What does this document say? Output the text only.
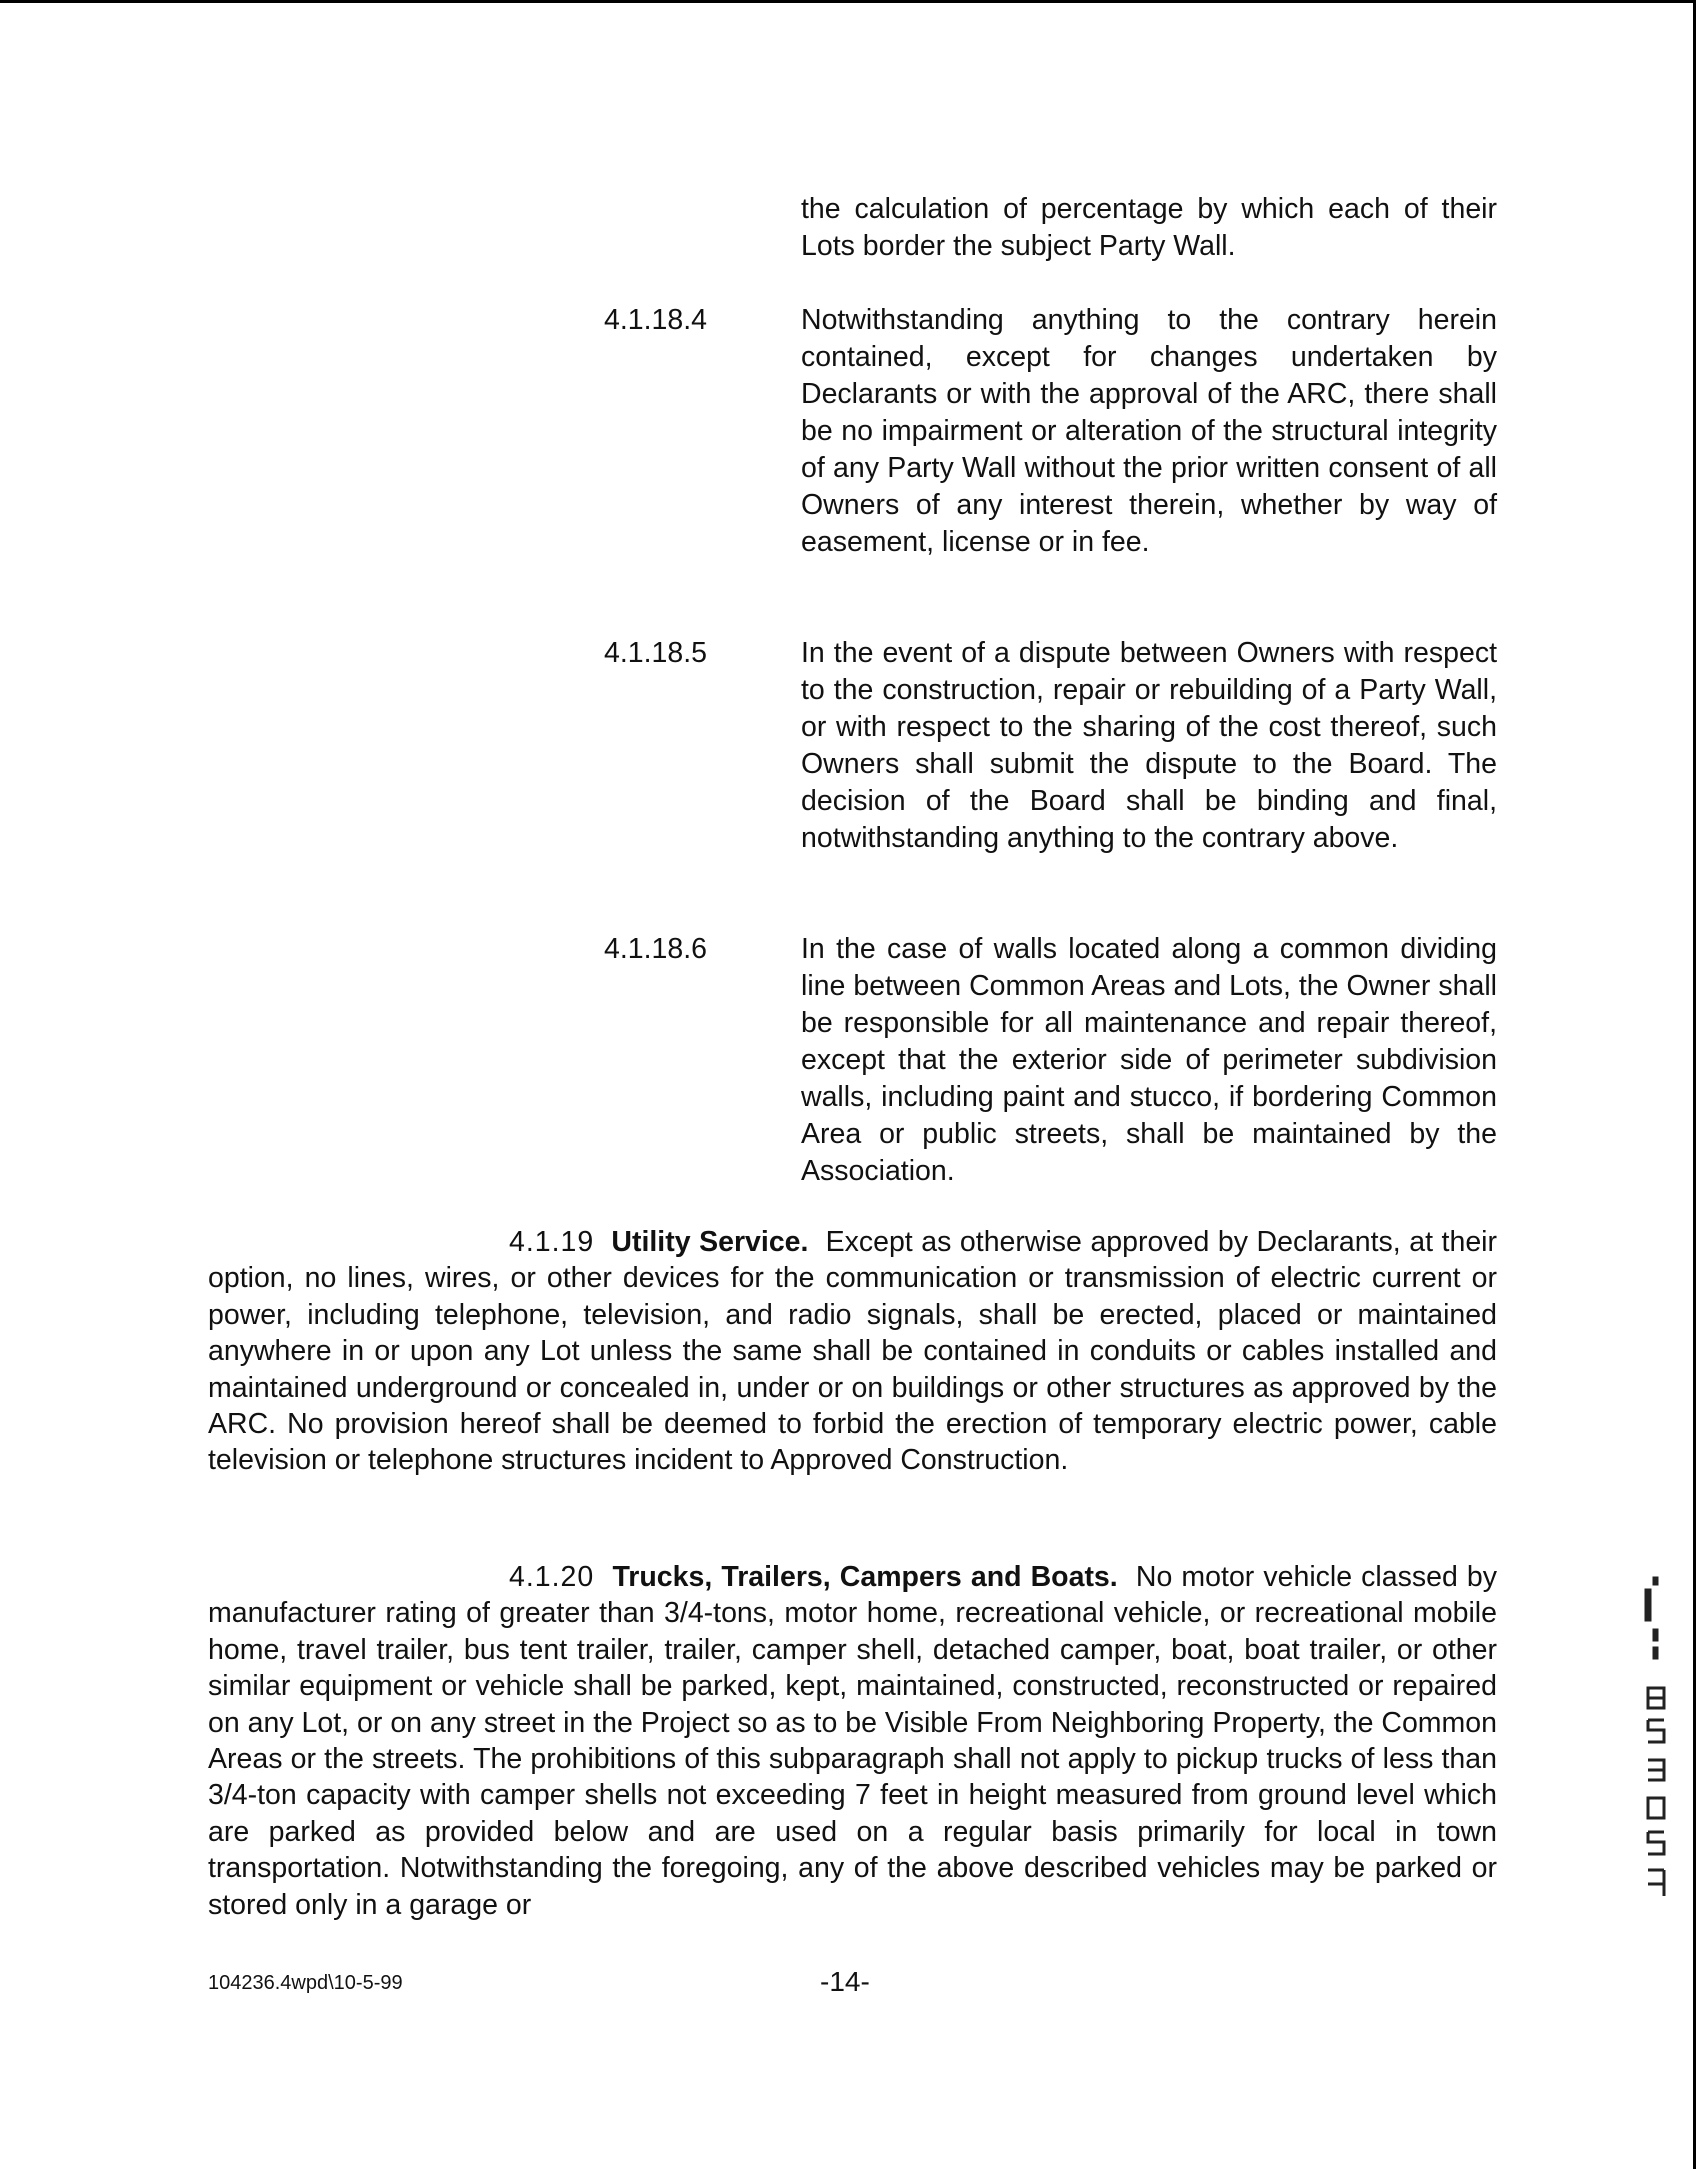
the calculation of percentage by which each of their Lots border the subject Party Wall.
4.1.18.4	Notwithstanding anything to the contrary herein contained, except for changes undertaken by Declarants or with the approval of the ARC, there shall be no impairment or alteration of the structural integrity of any Party Wall without the prior written consent of all Owners of any interest therein, whether by way of easement, license or in fee.
4.1.18.5	In the event of a dispute between Owners with respect to the construction, repair or rebuilding of a Party Wall, or with respect to the sharing of the cost thereof, such Owners shall submit the dispute to the Board. The decision of the Board shall be binding and final, notwithstanding anything to the contrary above.
4.1.18.6	In the case of walls located along a common dividing line between Common Areas and Lots, the Owner shall be responsible for all maintenance and repair thereof, except that the exterior side of perimeter subdivision walls, including paint and stucco, if bordering Common Area or public streets, shall be maintained by the Association.
4.1.19 Utility Service. Except as otherwise approved by Declarants, at their option, no lines, wires, or other devices for the communication or transmission of electric current or power, including telephone, television, and radio signals, shall be erected, placed or maintained anywhere in or upon any Lot unless the same shall be contained in conduits or cables installed and maintained underground or concealed in, under or on buildings or other structures as approved by the ARC. No provision hereof shall be deemed to forbid the erection of temporary electric power, cable television or telephone structures incident to Approved Construction.
4.1.20 Trucks, Trailers, Campers and Boats. No motor vehicle classed by manufacturer rating of greater than 3/4-tons, motor home, recreational vehicle, or recreational mobile home, travel trailer, bus tent trailer, trailer, camper shell, detached camper, boat, boat trailer, or other similar equipment or vehicle shall be parked, kept, maintained, constructed, reconstructed or repaired on any Lot, or on any street in the Project so as to be Visible From Neighboring Property, the Common Areas or the streets. The prohibitions of this subparagraph shall not apply to pickup trucks of less than 3/4-ton capacity with camper shells not exceeding 7 feet in height measured from ground level which are parked as provided below and are used on a regular basis primarily for local in town transportation. Notwithstanding the foregoing, any of the above described vehicles may be parked or stored only in a garage or
104236.4wpd\10-5-99	-14-
